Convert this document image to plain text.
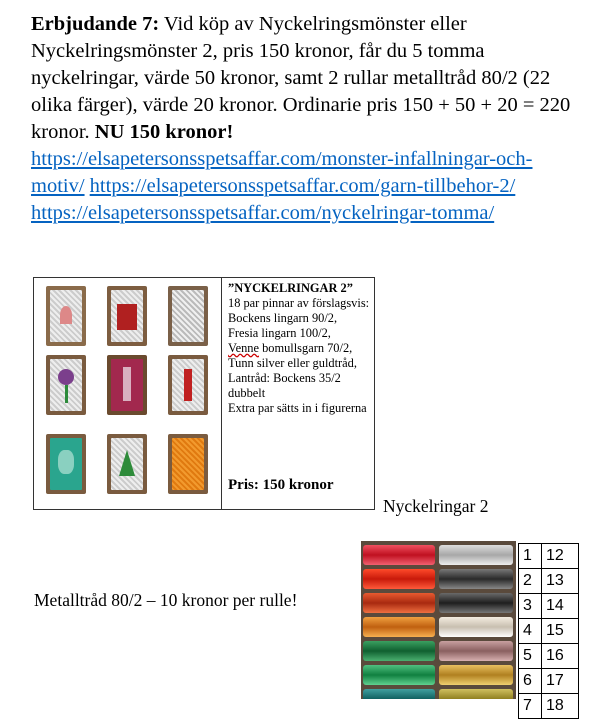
Erbjudande 7: Vid köp av Nyckelringsmönster eller Nyckelringsmönster 2, pris 150 kronor, får du 5 tomma nyckelringar, värde 50 kronor, samt 2 rullar metalltråd 80/2 (22 olika färger), värde 20 kronor. Ordinarie pris 150 + 50 + 20 = 220 kronor. NU 150 kronor!
https://elsapetersonsspetsaffar.com/monster-infallningar-och-motiv/ https://elsapetersonsspetsaffar.com/garn-tillbehor-2/
https://elsapetersonsspetsaffar.com/nyckelringar-tomma/
”NYCKELRINGAR 2”
18 par pinnar av förslagsvis:
Bockens lingarn 90/2,
Fresia lingarn 100/2,
Venne bomullsgarn 70/2,
Tunn silver eller guldtråd,
Lantråd: Bockens 35/2 dubbelt
Extra par sätts in i figurerna
Pris: 150 kronor
Nyckelringar 2
Metalltråd 80/2 – 10 kronor per rulle!
1	12
2	13
3	14
4	15
5	16
6	17
7	18
